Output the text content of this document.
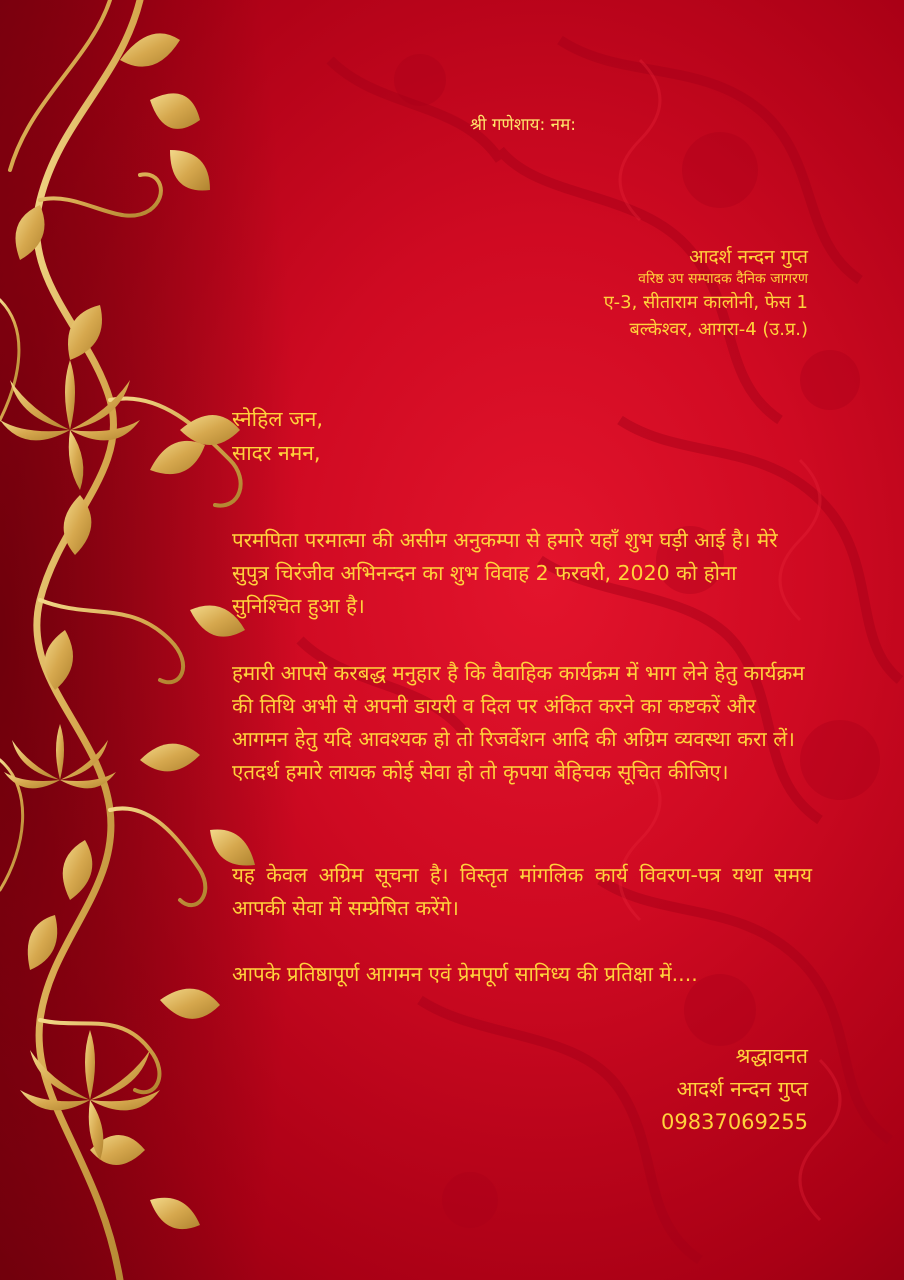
श्री गणेशाय: नम:
आदर्श नन्दन गुप्त
वरिष्ठ उप सम्पादक दैनिक जागरण
ए-3, सीताराम कालोनी, फेस 1
बल्केश्वर, आगरा-4 (उ.प्र.)
स्नेहिल जन,
सादर नमन,

परमपिता परमात्मा की असीम अनुकम्पा से हमारे यहाँ शुभ घड़ी आई है। मेरे सुपुत्र चिरंजीव अभिनन्दन का शुभ विवाह 2 फरवरी, 2020 को होना सुनिश्चित हुआ है।

हमारी आपसे करबद्ध मनुहार है कि वैवाहिक कार्यक्रम में भाग लेने हेतु कार्यक्रम की तिथि अभी से अपनी डायरी व दिल पर अंकित करने का कष्टकरें और आगमन हेतु यदि आवश्यक हो तो रिजर्वेशन आदि की अग्रिम व्यवस्था करा लें। एतदर्थ हमारे लायक कोई सेवा हो तो कृपया बेहिचक सूचित कीजिए।

यह केवल अग्रिम सूचना है। विस्तृत मांगलिक कार्य विवरण-पत्र यथा समय आपकी सेवा में सम्प्रेषित करेंगे।

आपके प्रतिष्ठापूर्ण आगमन एवं प्रेमपूर्ण सानिध्य की प्रतिक्षा में....

श्रद्धावनत
आदर्श नन्दन गुप्त
09837069255
